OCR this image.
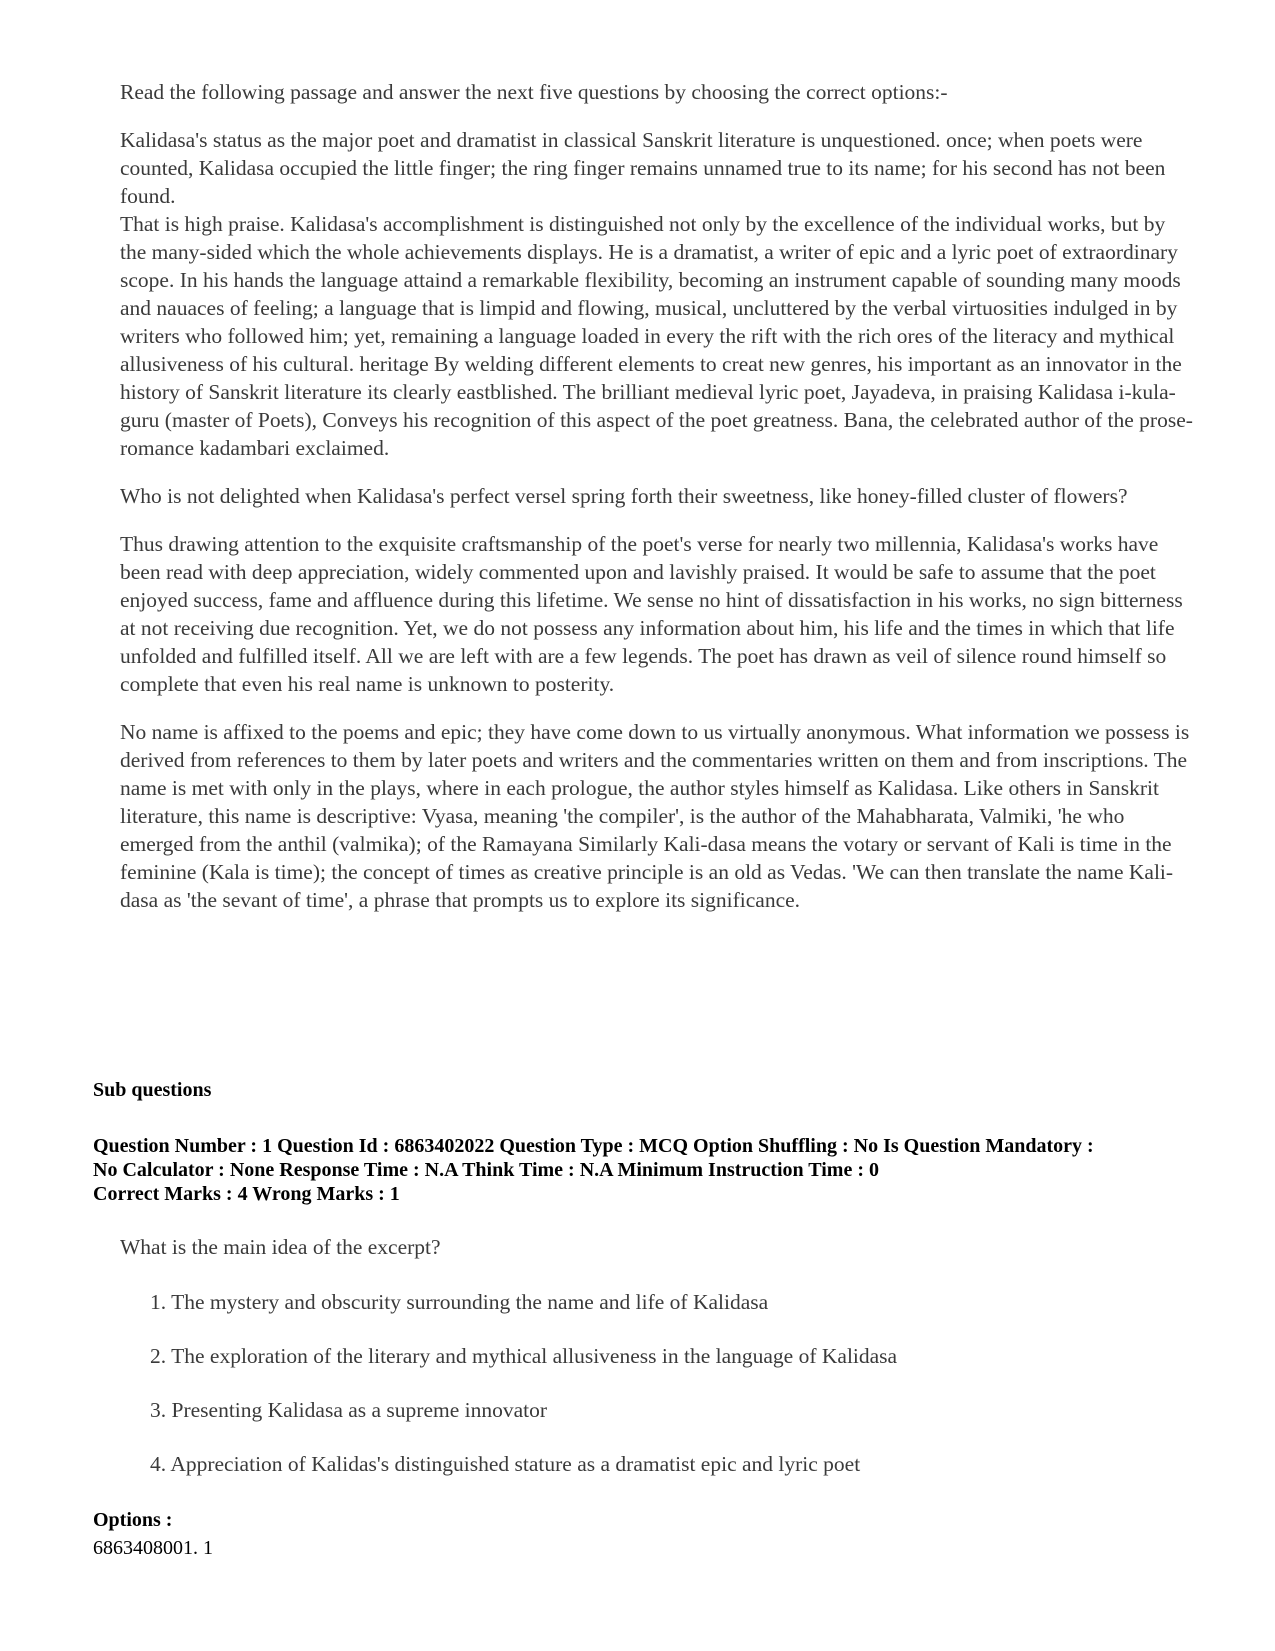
Read the following passage and answer the next five questions by choosing the correct options:-

Kalidasa's status as the major poet and dramatist in classical Sanskrit literature is unquestioned. once; when poets were counted, Kalidasa occupied the little finger; the ring finger remains unnamed true to its name; for his second has not been found.

That is high praise. Kalidasa's accomplishment is distinguished not only by the excellence of the individual works, but by the many-sided which the whole achievements displays. He is a dramatist, a writer of epic and a lyric poet of extraordinary scope. In his hands the language attaind a remarkable flexibility, becoming an instrument capable of sounding many moods and nauaces of feeling; a language that is limpid and flowing, musical, uncluttered by the verbal virtuosities indulged in by writers who followed him; yet, remaining a language loaded in every the rift with the rich ores of the literacy and mythical allusiveness of his cultural. heritage By welding different elements to creat new genres, his important as an innovator in the history of Sanskrit literature its clearly eastblished. The brilliant medieval lyric poet, Jayadeva, in praising Kalidasa i-kula-guru (master of Poets), Conveys his recognition of this aspect of the poet greatness. Bana, the celebrated author of the prose-romance kadambari exclaimed.

Who is not delighted when Kalidasa's perfect versel spring forth their sweetness, like honey-filled cluster of flowers?

Thus drawing attention to the exquisite craftsmanship of the poet's verse for nearly two millennia, Kalidasa's works have been read with deep appreciation, widely commented upon and lavishly praised. It would be safe to assume that the poet enjoyed success, fame and affluence during this lifetime. We sense no hint of dissatisfaction in his works, no sign bitterness at not receiving due recognition. Yet, we do not possess any information about him, his life and the times in which that life unfolded and fulfilled itself. All we are left with are a few legends. The poet has drawn as veil of silence round himself so complete that even his real name is unknown to posterity.

No name is affixed to the poems and epic; they have come down to us virtually anonymous. What information we possess is derived from references to them by later poets and writers and the commentaries written on them and from inscriptions. The name is met with only in the plays, where in each prologue, the author styles himself as Kalidasa. Like others in Sanskrit literature, this name is descriptive: Vyasa, meaning 'the compiler', is the author of the Mahabharata, Valmiki, 'he who emerged from the anthil (valmika); of the Ramayana Similarly Kali-dasa means the votary or servant of Kali is time in the feminine (Kala is time); the concept of times as creative principle is an old as Vedas. 'We can then translate the name Kali-dasa as 'the sevant of time', a phrase that prompts us to explore its significance.

Sub questions
Question Number : 1 Question Id : 6863402022 Question Type : MCQ Option Shuffling : No Is Question Mandatory :
No Calculator : None Response Time : N.A Think Time : N.A Minimum Instruction Time : 0
Correct Marks : 4 Wrong Marks : 1
What is the main idea of the excerpt?
1. The mystery and obscurity surrounding the name and life of Kalidasa
2. The exploration of the literary and mythical allusiveness in the language of Kalidasa
3. Presenting Kalidasa as a supreme innovator
4. Appreciation of Kalidas's distinguished stature as a dramatist epic and lyric poet
Options :
6863408001. 1
